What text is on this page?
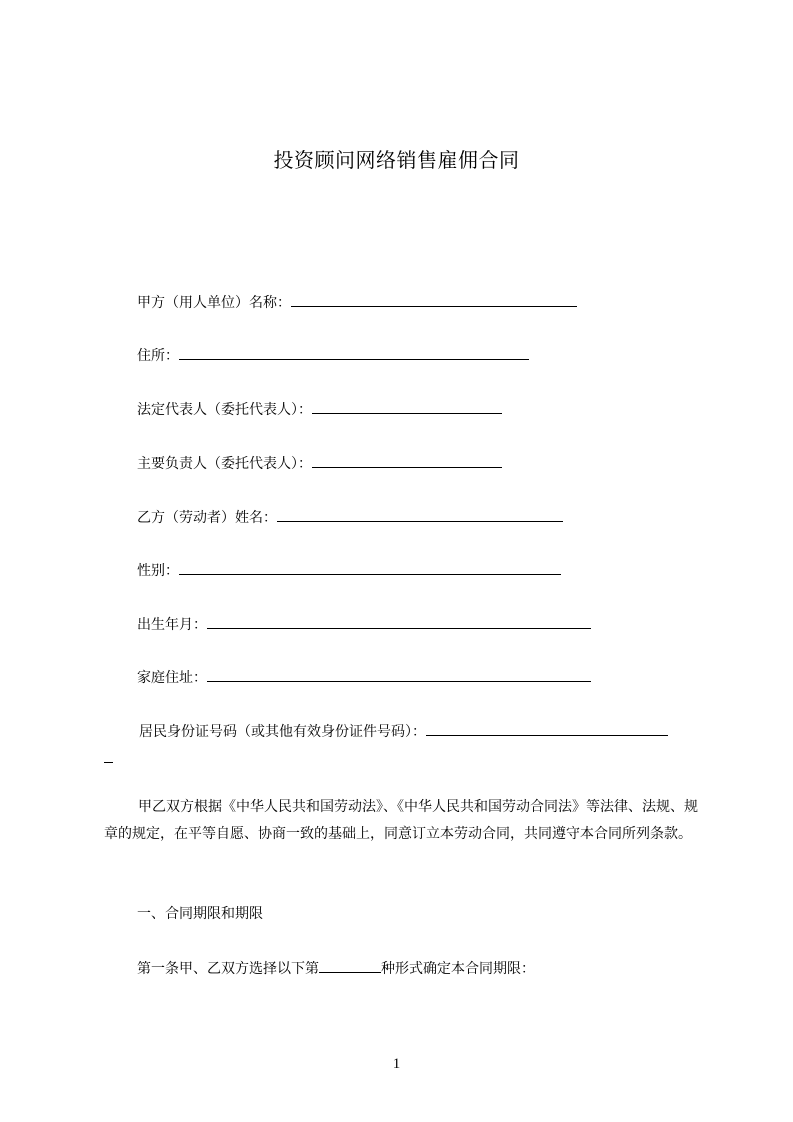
投资顾问网络销售雇佣合同
甲方（用人单位）名称：
住所：
法定代表人（委托代表人）：
主要负责人（委托代表人）：
乙方（劳动者）姓名：
性别：
出生年月：
家庭住址：
居民身份证号码（或其他有效身份证件号码）：
甲乙双方根据《中华人民共和国劳动法》、《中华人民共和国劳动合同法》等法律、法规、规章的规定，在平等自愿、协商一致的基础上，同意订立本劳动合同，共同遵守本合同所列条款。
一、合同期限和期限
第一条甲、乙双方选择以下第	种形式确定本合同期限：
1
